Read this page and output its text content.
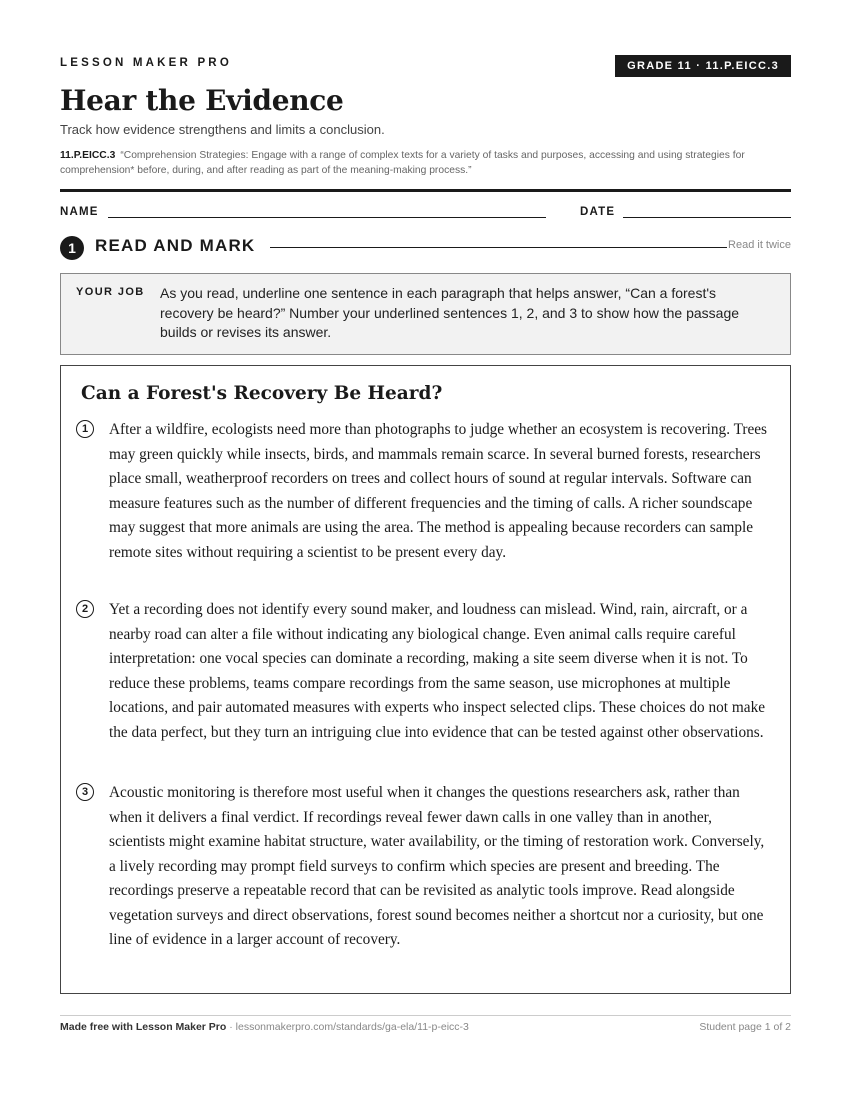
LESSON MAKER PRO	GRADE 11 · 11.P.EICC.3
Hear the Evidence
Track how evidence strengthens and limits a conclusion.
11.P.EICC.3 “Comprehension Strategies: Engage with a range of complex texts for a variety of tasks and purposes, accessing and using strategies for comprehension* before, during, and after reading as part of the meaning-making process.”
NAME	DATE
1	READ AND MARK	Read it twice
YOUR JOB As you read, underline one sentence in each paragraph that helps answer, “Can a forest's recovery be heard?” Number your underlined sentences 1, 2, and 3 to show how the passage builds or revises its answer.
Can a Forest's Recovery Be Heard?
1	After a wildfire, ecologists need more than photographs to judge whether an ecosystem is recovering. Trees may green quickly while insects, birds, and mammals remain scarce. In several burned forests, researchers place small, weatherproof recorders on trees and collect hours of sound at regular intervals. Software can measure features such as the number of different frequencies and the timing of calls. A richer soundscape may suggest that more animals are using the area. The method is appealing because recorders can sample remote sites without requiring a scientist to be present every day.

2	Yet a recording does not identify every sound maker, and loudness can mislead. Wind, rain, aircraft, or a nearby road can alter a file without indicating any biological change. Even animal calls require careful interpretation: one vocal species can dominate a recording, making a site seem diverse when it is not. To reduce these problems, teams compare recordings from the same season, use microphones at multiple locations, and pair automated measures with experts who inspect selected clips. These choices do not make the data perfect, but they turn an intriguing clue into evidence that can be tested against other observations.

3	Acoustic monitoring is therefore most useful when it changes the questions researchers ask, rather than when it delivers a final verdict. If recordings reveal fewer dawn calls in one valley than in another, scientists might examine habitat structure, water availability, or the timing of restoration work. Conversely, a lively recording may prompt field surveys to confirm which species are present and breeding. The recordings preserve a repeatable record that can be revisited as analytic tools improve. Read alongside vegetation surveys and direct observations, forest sound becomes neither a shortcut nor a curiosity, but one line of evidence in a larger account of recovery.

Made free with Lesson Maker Pro · lessonmakerpro.com/standards/ga-ela/11-p-eicc-3	Student page 1 of 2
